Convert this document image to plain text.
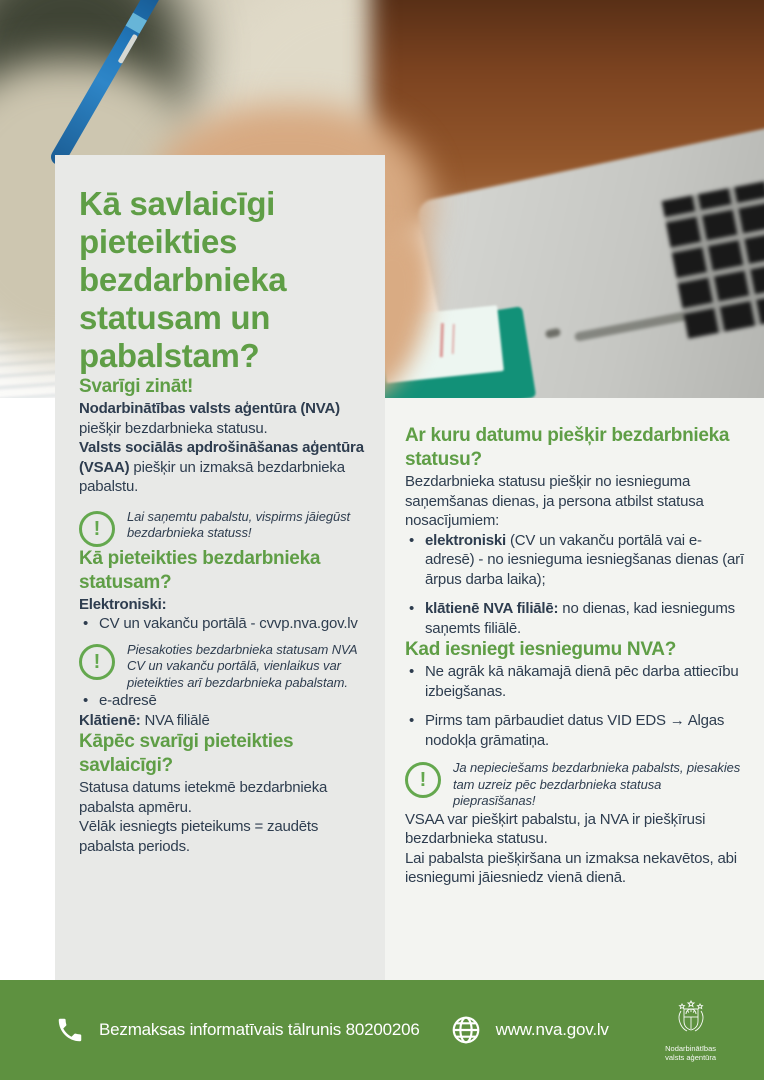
Kā savlaicīgi pieteikties bezdarbnieka statusam un pabalstam?
Svarīgi zināt!

Nodarbinātības valsts aģentūra (NVA) piešķir bezdarbnieka statusu.

Valsts sociālās apdrošināšanas aģentūra (VSAA) piešķir un izmaksā bezdarbnieka pabalstu.

!
Lai saņemtu pabalstu, vispirms jāiegūst bezdarbnieka statuss!
Kā pieteikties bezdarbnieka statusam?

Elektroniski:

• CV un vakanču portālā - cvvp.nva.gov.lv
!
Piesakoties bezdarbnieka statusam NVA CV un vakanču portālā, vienlaikus var pieteikties arī bezdarbnieka pabalstam.
• e-adresē

Klātienē: NVA filiālē

Kāpēc svarīgi pieteikties savlaicīgi?

Statusa datums ietekmē bezdarbnieka pabalsta apmēru.

Vēlāk iesniegts pieteikums = zaudēts pabalsta periods.

Ar kuru datumu piešķir bezdarbnieka statusu?

Bezdarbnieka statusu piešķir no iesnieguma saņemšanas dienas, ja persona atbilst statusa nosacījumiem:

• elektroniski (CV un vakanču portālā vai e-adresē) - no iesnieguma iesniegšanas dienas (arī ārpus darba laika);
• klātienē NVA filiālē: no dienas, kad iesniegums saņemts filiālē.
Kad iesniegt iesniegumu NVA?
• Ne agrāk kā nākamajā dienā pēc darba attiecību izbeigšanas.
• Pirms tam pārbaudiet datus VID EDS → Algas nodokļa grāmatiņa.
!
Ja nepieciešams bezdarbnieka pabalsts, piesakies tam uzreiz pēc bezdarbnieka statusa pieprasīšanas!

VSAA var piešķirt pabalstu, ja NVA ir piešķīrusi bezdarbnieka statusu.

Lai pabalsta piešķiršana un izmaksa nekavētos, abi iesniegumi jāiesniedz vienā dienā.

Bezmaksas informatīvais tālrunis 80200206	www.nva.gov.lv
Nodarbinātības
valsts aģentūra
